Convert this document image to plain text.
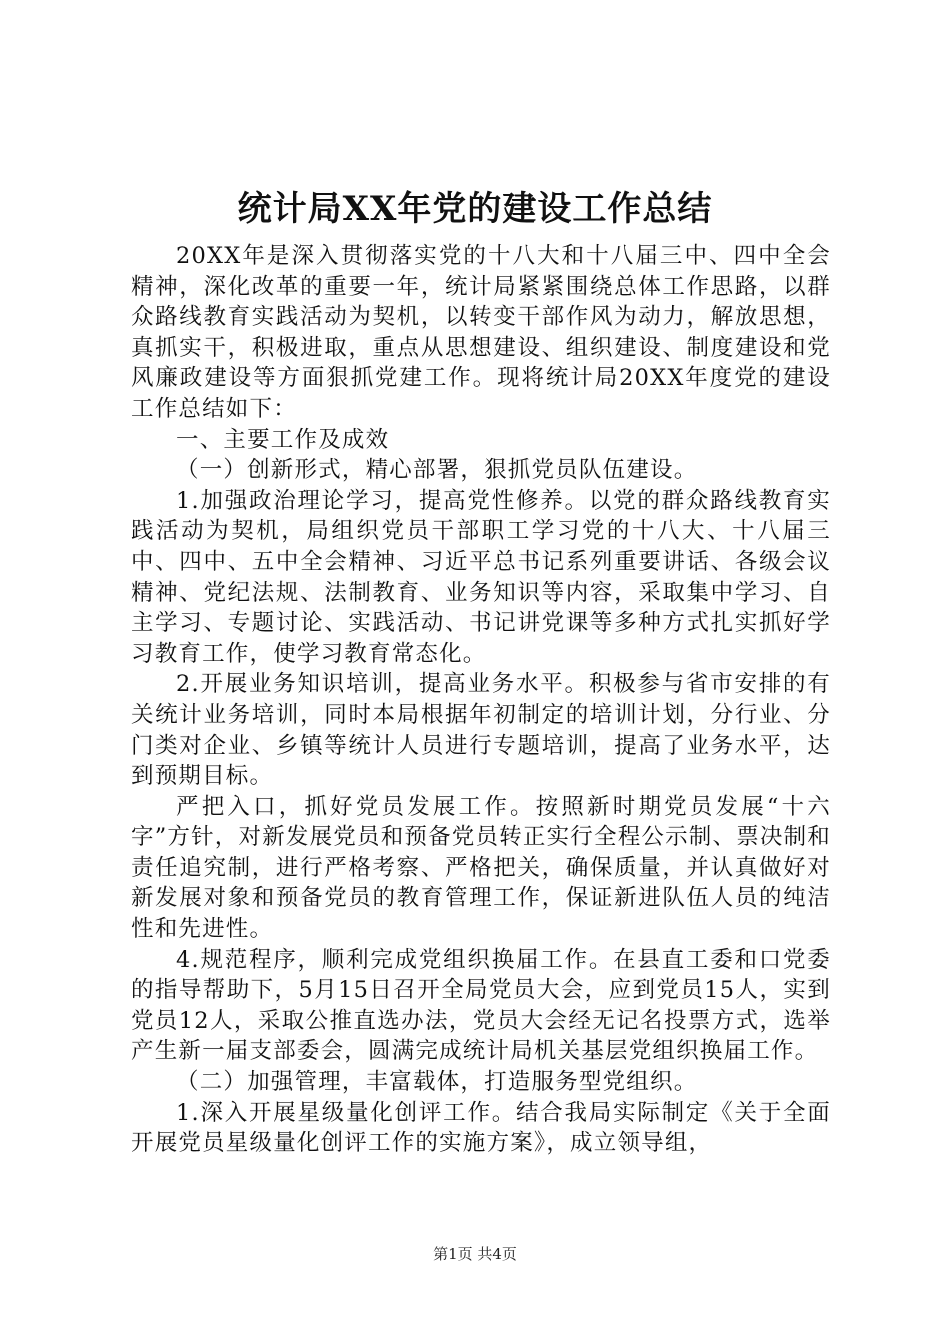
统计局XX年党的建设工作总结

20XX年是深入贯彻落实党的十八大和十八届三中、四中全会精神，深化改革的重要一年，统计局紧紧围绕总体工作思路，以群众路线教育实践活动为契机，以转变干部作风为动力，解放思想，真抓实干，积极进取，重点从思想建设、组织建设、制度建设和党风廉政建设等方面狠抓党建工作。现将统计局20XX年度党的建设工作总结如下：

一、主要工作及成效

（一）创新形式，精心部署，狠抓党员队伍建设。

1.加强政治理论学习，提高党性修养。以党的群众路线教育实践活动为契机，局组织党员干部职工学习党的十八大、十八届三中、四中、五中全会精神、习近平总书记系列重要讲话、各级会议精神、党纪法规、法制教育、业务知识等内容，采取集中学习、自主学习、专题讨论、实践活动、书记讲党课等多种方式扎实抓好学习教育工作，使学习教育常态化。

2.开展业务知识培训，提高业务水平。积极参与省市安排的有关统计业务培训，同时本局根据年初制定的培训计划，分行业、分门类对企业、乡镇等统计人员进行专题培训，提高了业务水平，达到预期目标。

严把入口，抓好党员发展工作。按照新时期党员发展“十六字”方针，对新发展党员和预备党员转正实行全程公示制、票决制和责任追究制，进行严格考察、严格把关，确保质量，并认真做好对新发展对象和预备党员的教育管理工作，保证新进队伍人员的纯洁性和先进性。

4.规范程序，顺利完成党组织换届工作。在县直工委和口党委的指导帮助下，5月15日召开全局党员大会，应到党员15人，实到党员12人，采取公推直选办法，党员大会经无记名投票方式，选举产生新一届支部委会，圆满完成统计局机关基层党组织换届工作。

（二）加强管理，丰富载体，打造服务型党组织。

1.深入开展星级量化创评工作。结合我局实际制定《关于全面开展党员星级量化创评工作的实施方案》，成立领导组，

第1页 共4页
